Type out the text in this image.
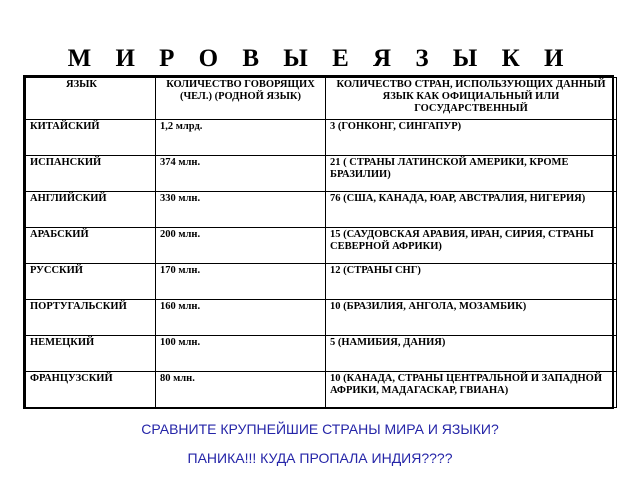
М И Р О В Ы Е Я З Ы К И
ЯЗЫК	КОЛИЧЕСТВО ГОВОРЯЩИХ (ЧЕЛ.) (РОДНОЙ ЯЗЫК)	КОЛИЧЕСТВО СТРАН, ИСПОЛЬЗУЮЩИХ ДАННЫЙ ЯЗЫК КАК ОФИЦИАЛЬНЫЙ ИЛИ ГОСУДАРСТВЕННЫЙ

КИТАЙСКИЙ	1,2 млрд.	3 (ГОНКОНГ, СИНГАПУР)
ИСПАНСКИЙ	374 млн.	21 ( СТРАНЫ ЛАТИНСКОЙ АМЕРИКИ, КРОМЕ БРАЗИЛИИ)
АНГЛИЙСКИЙ	330 млн.	76 (США, КАНАДА, ЮАР, АВСТРАЛИЯ, НИГЕРИЯ)
АРАБСКИЙ	200 млн.	15 (САУДОВСКАЯ АРАВИЯ, ИРАН, СИРИЯ, СТРАНЫ СЕВЕРНОЙ АФРИКИ)
РУССКИЙ	170 млн.	12 (СТРАНЫ СНГ)
ПОРТУГАЛЬСКИЙ	160 млн.	10 (БРАЗИЛИЯ, АНГОЛА, МОЗАМБИК)
НЕМЕЦКИЙ	100 млн.	5 (НАМИБИЯ, ДАНИЯ)
ФРАНЦУЗСКИЙ	80 млн.	10 (КАНАДА, СТРАНЫ ЦЕНТРАЛЬНОЙ И ЗАПАДНОЙ АФРИКИ, МАДАГАСКАР, ГВИАНА)
СРАВНИТЕ КРУПНЕЙШИЕ СТРАНЫ МИРА И ЯЗЫКИ?
ПАНИКА!!! КУДА ПРОПАЛА ИНДИЯ????
